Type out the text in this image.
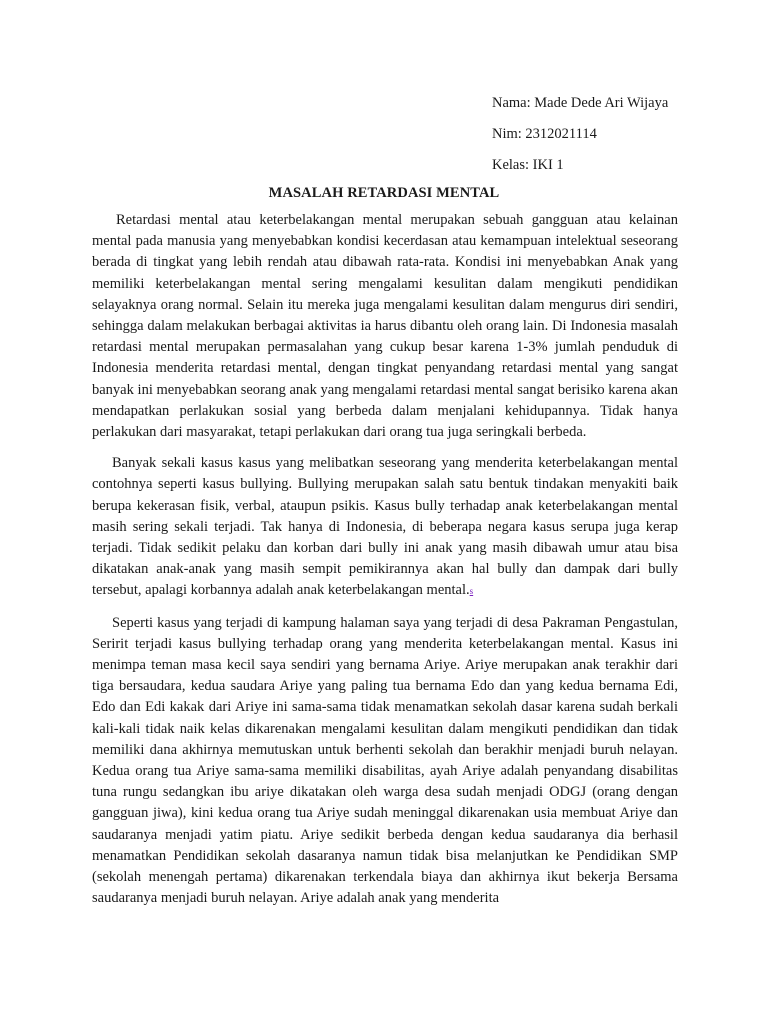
Nama: Made Dede Ari Wijaya
Nim: 2312021114
Kelas: IKI 1
MASALAH RETARDASI MENTAL

Retardasi mental atau keterbelakangan mental merupakan sebuah gangguan atau kelainan mental pada manusia yang menyebabkan kondisi kecerdasan atau kemampuan intelektual seseorang berada di tingkat yang lebih rendah atau dibawah rata-rata. Kondisi ini menyebabkan Anak yang memiliki keterbelakangan mental sering mengalami kesulitan dalam mengikuti pendidikan selayaknya orang normal. Selain itu mereka juga mengalami kesulitan dalam mengurus diri sendiri, sehingga dalam melakukan berbagai aktivitas ia harus dibantu oleh orang lain. Di Indonesia masalah retardasi mental merupakan permasalahan yang cukup besar karena 1-3% jumlah penduduk di Indonesia menderita retardasi mental, dengan tingkat penyandang retardasi mental yang sangat banyak ini menyebabkan seorang anak yang mengalami retardasi mental sangat berisiko karena akan mendapatkan perlakukan sosial yang berbeda dalam menjalani kehidupannya. Tidak hanya perlakukan dari masyarakat, tetapi perlakukan dari orang tua juga seringkali berbeda.

Banyak sekali kasus kasus yang melibatkan seseorang yang menderita keterbelakangan mental contohnya seperti kasus bullying. Bullying merupakan salah satu bentuk tindakan menyakiti baik berupa kekerasan fisik, verbal, ataupun psikis. Kasus bully terhadap anak keterbelakangan mental masih sering sekali terjadi. Tak hanya di Indonesia, di beberapa negara kasus serupa juga kerap terjadi. Tidak sedikit pelaku dan korban dari bully ini anak yang masih dibawah umur atau bisa dikatakan anak-anak yang masih sempit pemikirannya akan hal bully dan dampak dari bully tersebut, apalagi korbannya adalah anak keterbelakangan mental.s

Seperti kasus yang terjadi di kampung halaman saya yang terjadi di desa Pakraman Pengastulan, Seririt terjadi kasus bullying terhadap orang yang menderita keterbelakangan mental. Kasus ini menimpa teman masa kecil saya sendiri yang bernama Ariye. Ariye merupakan anak terakhir dari tiga bersaudara, kedua saudara Ariye yang paling tua bernama Edo dan yang kedua bernama Edi, Edo dan Edi kakak dari Ariye ini sama-sama tidak menamatkan sekolah dasar karena sudah berkali kali-kali tidak naik kelas dikarenakan mengalami kesulitan dalam mengikuti pendidikan dan tidak memiliki dana akhirnya memutuskan untuk berhenti sekolah dan berakhir menjadi buruh nelayan. Kedua orang tua Ariye sama-sama memiliki disabilitas, ayah Ariye adalah penyandang disabilitas tuna rungu sedangkan ibu ariye dikatakan oleh warga desa sudah menjadi ODGJ (orang dengan gangguan jiwa), kini kedua orang tua Ariye sudah meninggal dikarenakan usia membuat Ariye dan saudaranya menjadi yatim piatu. Ariye sedikit berbeda dengan kedua saudaranya dia berhasil menamatkan Pendidikan sekolah dasaranya namun tidak bisa melanjutkan ke Pendidikan SMP (sekolah menengah pertama) dikarenakan terkendala biaya dan akhirnya ikut bekerja Bersama saudaranya menjadi buruh nelayan. Ariye adalah anak yang menderita
